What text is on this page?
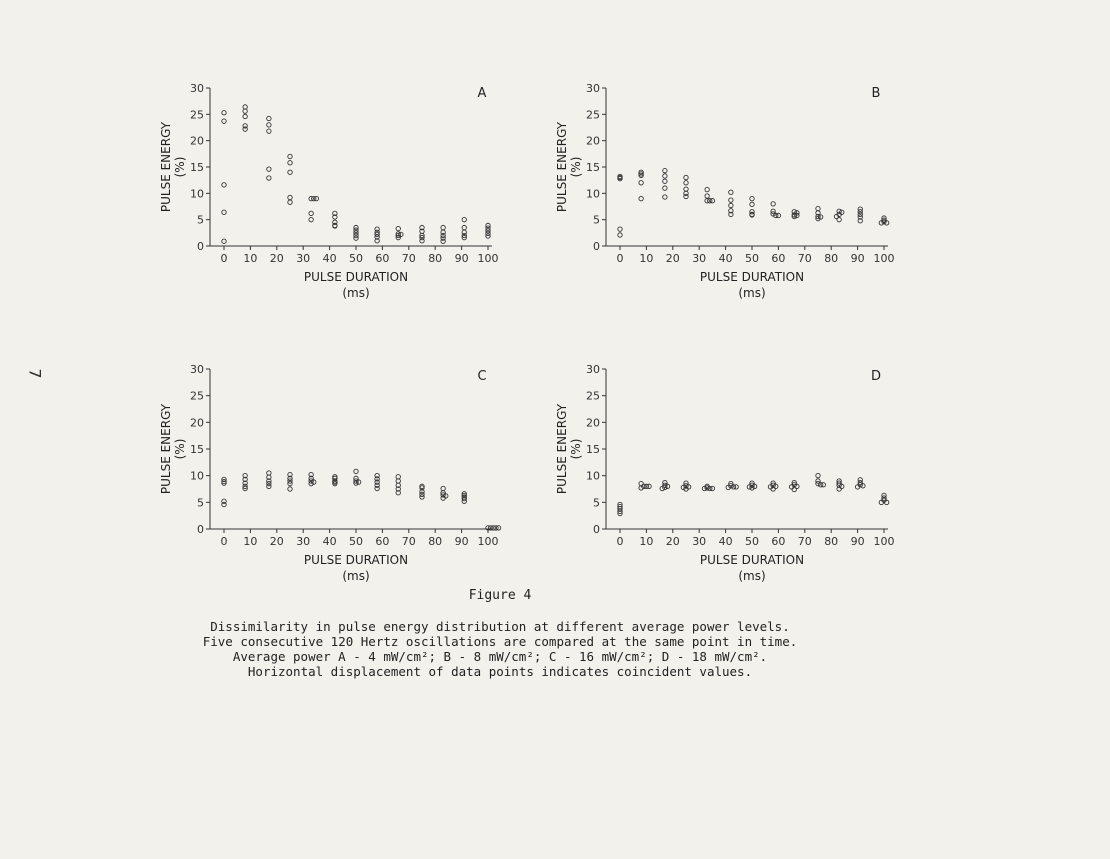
7
0
5
10
15
20
25
30
0 10 20 30 40 50 60 70 80 90 100
PULSE DURATION
(ms)
PULSE ENERGY (%)
A
0
5
10
15
20
25
30
0 10 20 30 40 50 60 70 80 90 100
PULSE DURATION
(ms)
PULSE ENERGY (%)
B
0
5
10
15
20
25
30
0 10 20 30 40 50 60 70 80 90 100
PULSE DURATION
(ms)
PULSE ENERGY (%)
C
0
5
10
15
20
25
30
0 10 20 30 40 50 60 70 80 90 100
PULSE DURATION
(ms)
PULSE ENERGY (%)
D
Figure 4
Dissimilarity in pulse energy distribution at different average power levels.
Five consecutive 120 Hertz oscillations are compared at the same point in time.
Average power A - 4 mW/cm²; B - 8 mW/cm²; C - 16 mW/cm²; D - 18 mW/cm².
Horizontal displacement of data points indicates coincident values.
